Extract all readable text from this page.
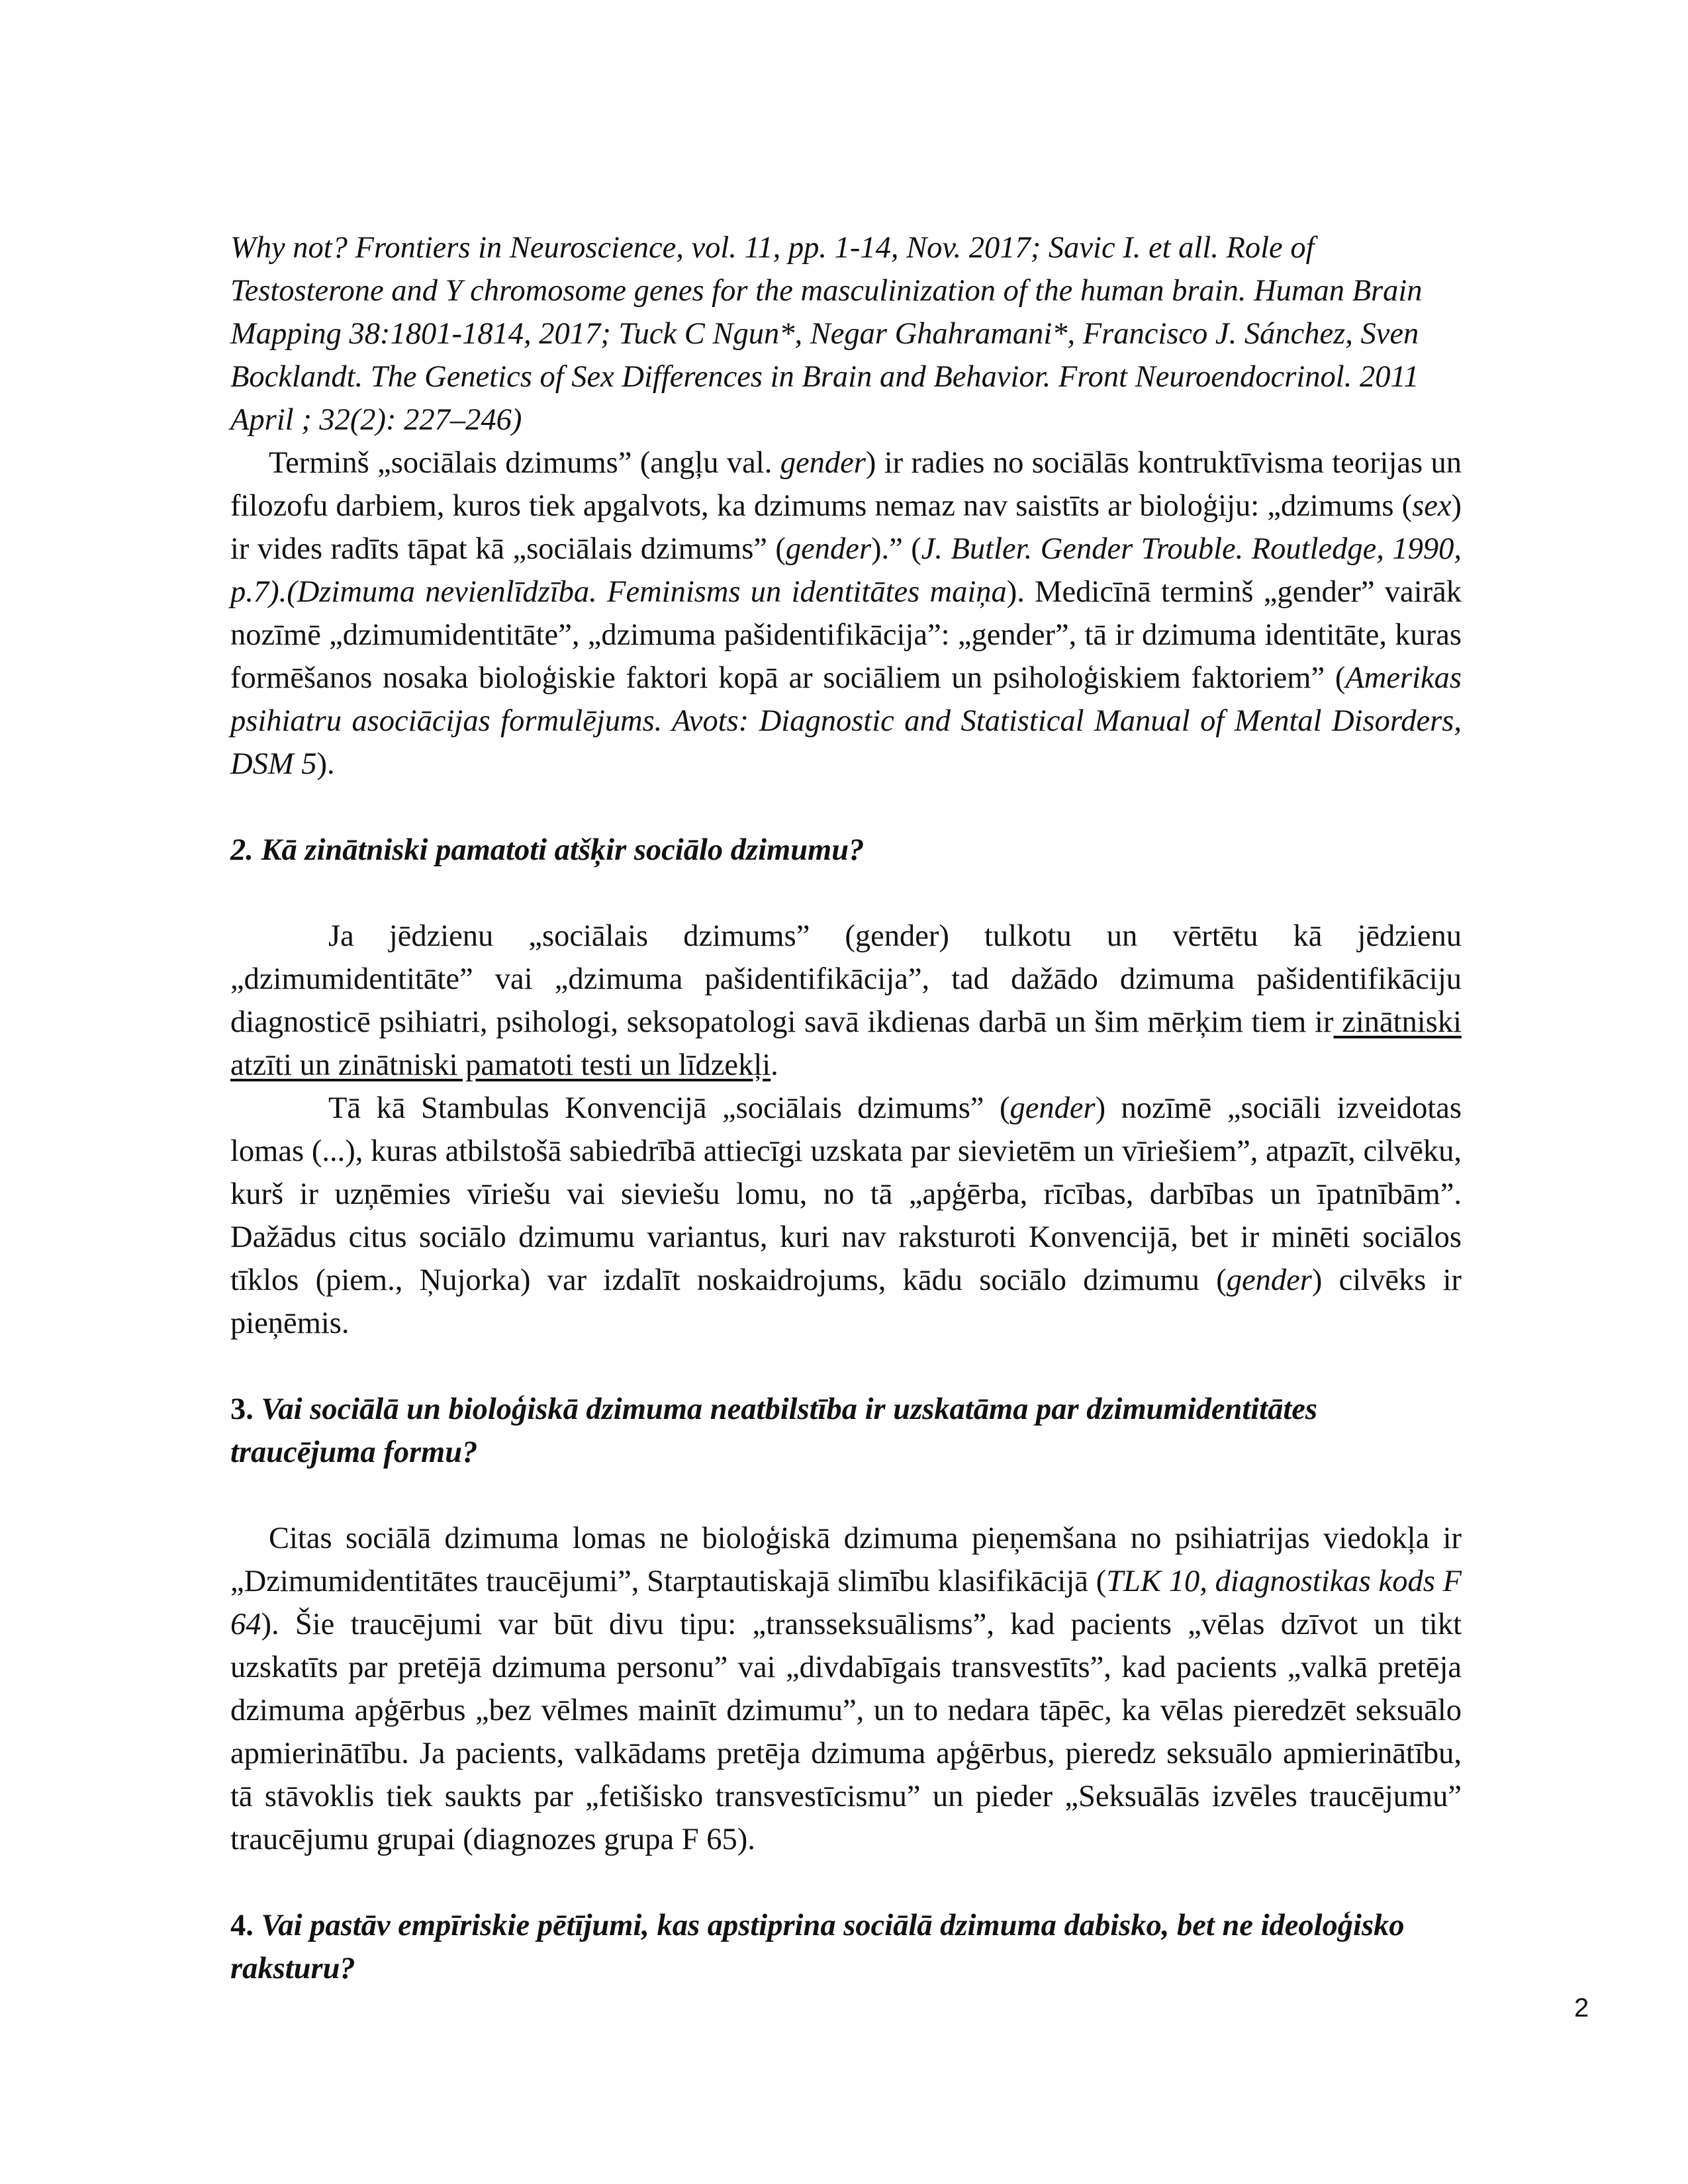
Why not? Frontiers in Neuroscience, vol. 11, pp. 1-14, Nov. 2017; Savic I. et all. Role of Testosterone and Y chromosome genes for the masculinization of the human brain. Human Brain Mapping 38:1801-1814, 2017; Tuck C Ngun*, Negar Ghahramani*, Francisco J. Sánchez, Sven Bocklandt. The Genetics of Sex Differences in Brain and Behavior. Front Neuroendocrinol. 2011 April ; 32(2): 227–246)

Terminš „sociālais dzimums” (angļu val. gender) ir radies no sociālās kontruktīvisma teorijas un filozofu darbiem, kuros tiek apgalvots, ka dzimums nemaz nav saistīts ar bioloģiju: „dzimums (sex) ir vides radīts tāpat kā „sociālais dzimums” (gender).” (J. Butler. Gender Trouble. Routledge, 1990, p.7).(Dzimuma nevienlīdzība. Feminisms un identitātes maiņa). Medicīnā terminš „gender” vairāk nozīmē „dzimumidentitāte”, „dzimuma pašidentifikācija”: „gender”, tā ir dzimuma identitāte, kuras formēšanos nosaka bioloģiskie faktori kopā ar sociāliem un psiholoģiskiem faktoriem” (Amerikas psihiatru asociācijas formulējums. Avots: Diagnostic and Statistical Manual of Mental Disorders, DSM 5).

2. Kā zinātniski pamatoti atšķir sociālo dzimumu?

Ja jēdzienu „sociālais dzimums” (gender) tulkotu un vērtētu kā jēdzienu „dzimumidentitāte” vai „dzimuma pašidentifikācija”, tad dažādo dzimuma pašidentifikāciju diagnosticē psihiatri, psihologi, seksopatologi savā ikdienas darbā un šim mērķim tiem ir zinātniski atzīti un zinātniski pamatoti testi un līdzekļi.

Tā kā Stambulas Konvencijā „sociālais dzimums” (gender) nozīmē „sociāli izveidotas lomas (...), kuras atbilstošā sabiedrībā attiecīgi uzskata par sievietēm un vīriešiem”, atpazīt, cilvēku, kurš ir uzņēmies vīriešu vai sieviešu lomu, no tā „apģērba, rīcības, darbības un īpatnībām”. Dažādus citus sociālo dzimumu variantus, kuri nav raksturoti Konvencijā, bet ir minēti sociālos tīklos (piem., Ņujorka) var izdalīt noskaidrojums, kādu sociālo dzimumu (gender) cilvēks ir pieņēmis.

3. Vai sociālā un bioloģiskā dzimuma neatbilstība ir uzskatāma par dzimumidentitātes traucējuma formu?

Citas sociālā dzimuma lomas ne bioloģiskā dzimuma pieņemšana no psihiatrijas viedokļa ir „Dzimumidentitātes traucējumi”, Starptautiskajā slimību klasifikācijā (TLK 10, diagnostikas kods F 64). Šie traucējumi var būt divu tipu: „transseksuālisms”, kad pacients „vēlas dzīvot un tikt uzskatīts par pretējā dzimuma personu” vai „divdabīgais transvestīts”, kad pacients „valkā pretēja dzimuma apģērbus „bez vēlmes mainīt dzimumu”, un to nedara tāpēc, ka vēlas pieredzēt seksuālo apmierinātību. Ja pacients, valkādams pretēja dzimuma apģērbus, pieredz seksuālo apmierinātību, tā stāvoklis tiek saukts par „fetišisko transvestīcismu” un pieder „Seksuālās izvēles traucējumu” traucējumu grupai (diagnozes grupa F 65).

4. Vai pastāv empīriskie pētījumi, kas apstiprina sociālā dzimuma dabisko, bet ne ideoloģisko raksturu?

2
